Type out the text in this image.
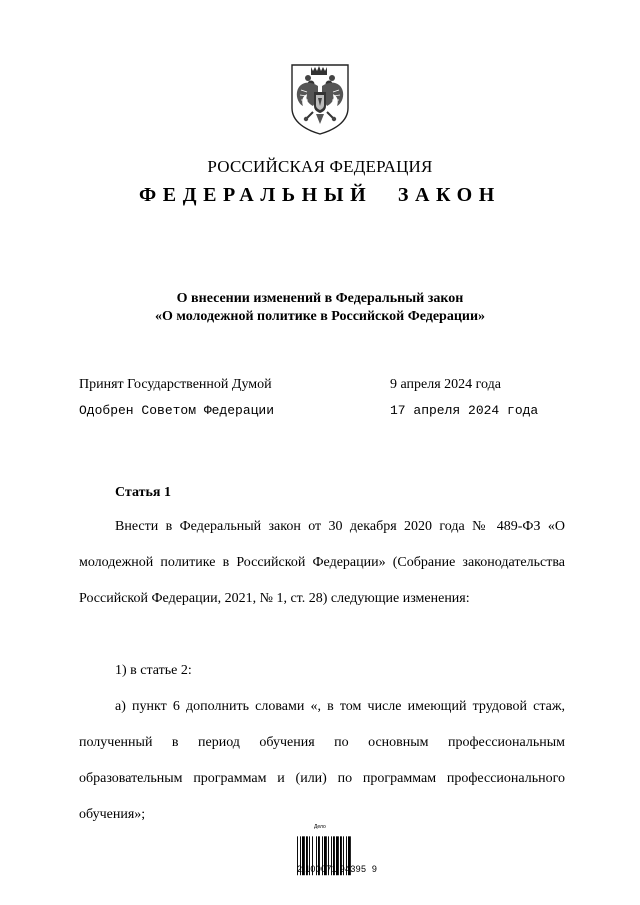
РОССИЙСКАЯ ФЕДЕРАЦИЯ
ФЕДЕРАЛЬНЫЙ ЗАКОН
О внесении изменений в Федеральный закон
«О молодежной политике в Российской Федерации»
Принят Государственной Думой	9 апреля 2024 года
Одобрен Советом Федерации	17 апреля 2024 года
Статья 1
Внести в Федеральный закон от 30 декабря 2020 года № 489-ФЗ «О молодежной политике в Российской Федерации» (Собрание законодательства Российской Федерации, 2021, № 1, ст. 28) следующие изменения:
1) в статье 2:
а) пункт 6 дополнить словами «, в том числе имеющий трудовой стаж, полученный в период обучения по основным профессиональным образовательным программам и (или) по программам профессионального обучения»;
2 100071 94395  9
Дело
